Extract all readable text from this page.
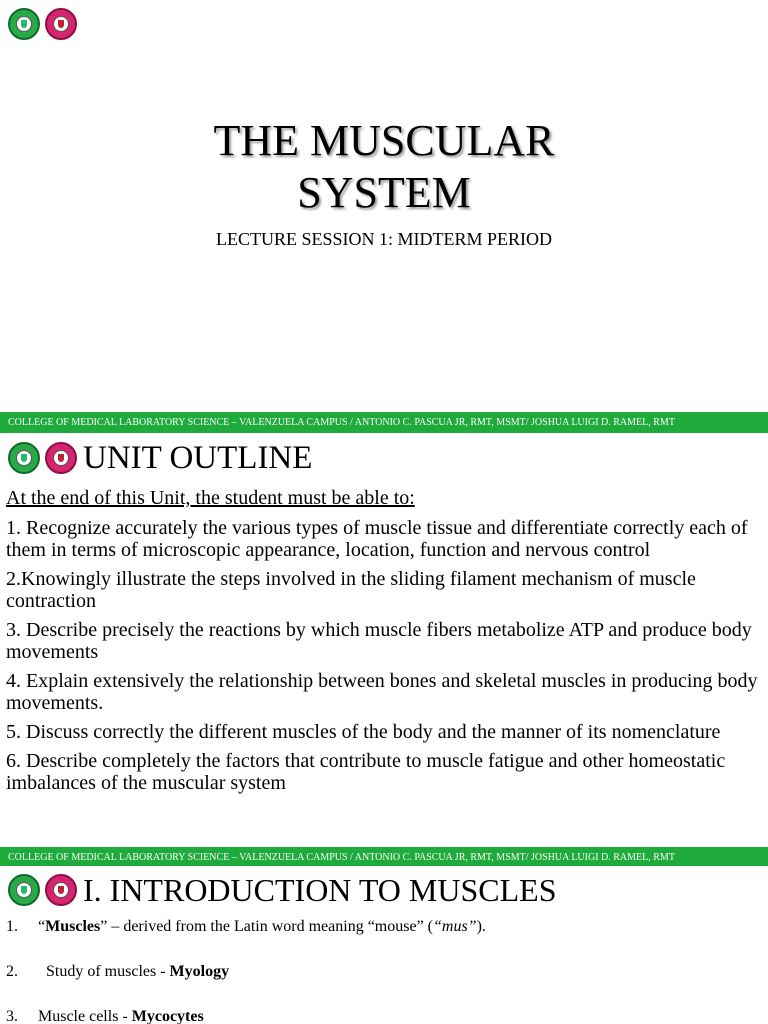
THE MUSCULAR
SYSTEM
LECTURE SESSION 1: MIDTERM PERIOD
COLLEGE OF MEDICAL LABORATORY SCIENCE – VALENZUELA CAMPUS / ANTONIO C. PASCUA JR, RMT, MSMT/ JOSHUA LUIGI D. RAMEL, RMT
UNIT OUTLINE
At the end of this Unit, the student must be able to:
1. Recognize accurately the various types of muscle tissue and differentiate correctly each of them in terms of microscopic appearance, location, function and nervous control
2.Knowingly illustrate the steps involved in the sliding filament mechanism of muscle contraction
3. Describe precisely the reactions by which muscle fibers metabolize ATP and produce body movements
4. Explain extensively the relationship between bones and skeletal muscles in producing body movements.
5. Discuss correctly the different muscles of the body and the manner of its nomenclature
6. Describe completely the factors that contribute to muscle fatigue and other homeostatic imbalances of the muscular system
COLLEGE OF MEDICAL LABORATORY SCIENCE – VALENZUELA CAMPUS / ANTONIO C. PASCUA JR, RMT, MSMT/ JOSHUA LUIGI D. RAMEL, RMT
I. INTRODUCTION TO MUSCLES
1.	“Muscles” – derived from the Latin word meaning “mouse” (“mus”).
2.	Study of muscles - Myology
3.	Muscle cells - Mycocytes
